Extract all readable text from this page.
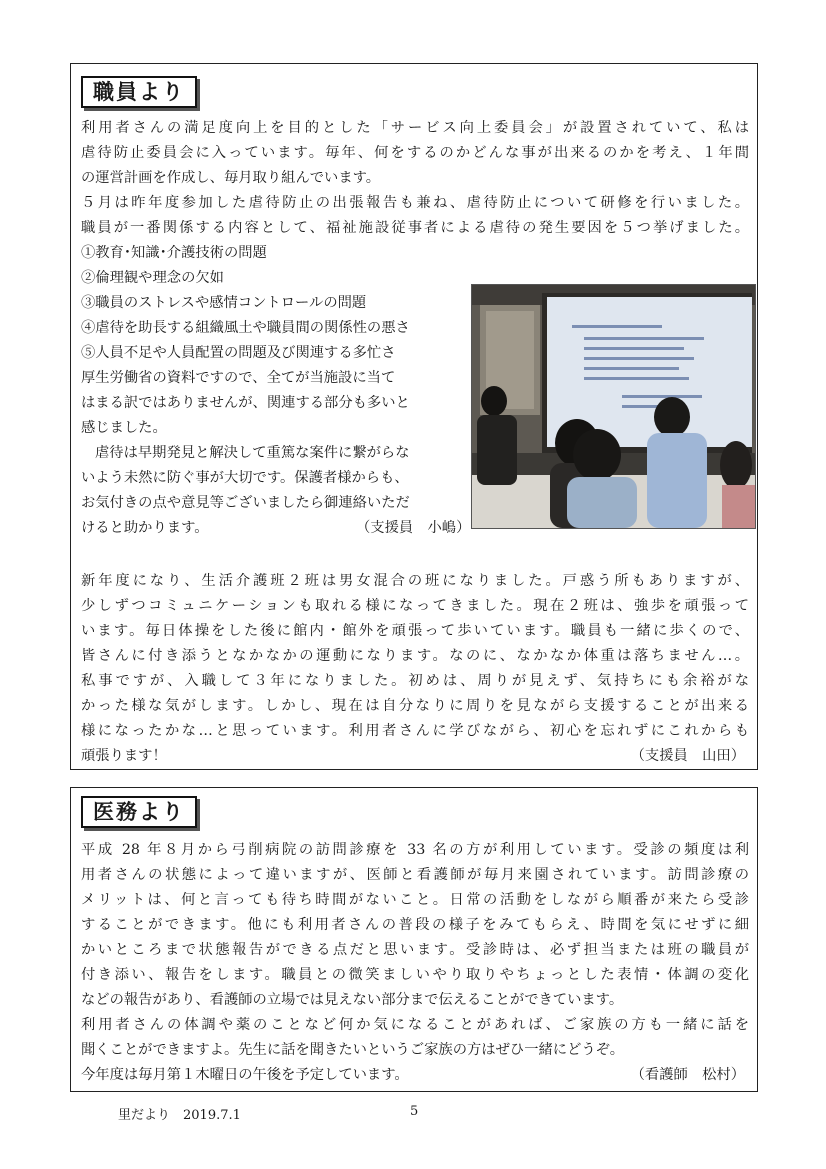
職員より
利用者さんの満足度向上を目的とした「サービス向上委員会」が設置されていて、私は
虐待防止委員会に入っています。毎年、何をするのかどんな事が出来るのかを考え、１年間
の運営計画を作成し、毎月取り組んでいます。
５月は昨年度参加した虐待防止の出張報告も兼ね、虐待防止について研修を行いました。
職員が一番関係する内容として、福祉施設従事者による虐待の発生要因を５つ挙げました。
①教育･知識･介護技術の問題
②倫理観や理念の欠如
③職員のストレスや感情コントロールの問題
④虐待を助長する組織風土や職員間の関係性の悪さ
⑤人員不足や人員配置の問題及び関連する多忙さ
厚生労働省の資料ですので、全てが当施設に当て
はまる訳ではありませんが、関連する部分も多いと
感じました。
虐待は早期発見と解決して重篤な案件に繋がらな
いよう未然に防ぐ事が大切です。保護者様からも、
お気付きの点や意見等ございましたら御連絡いただ
けると助かります。	（支援員　小嶋）
新年度になり、生活介護班２班は男女混合の班になりました。戸惑う所もありますが、
少しずつコミュニケーションも取れる様になってきました。現在２班は、強歩を頑張って
います。毎日体操をした後に館内・館外を頑張って歩いています。職員も一緒に歩くので、
皆さんに付き添うとなかなかの運動になります。なのに、なかなか体重は落ちません…。
私事ですが、入職して３年になりました。初めは、周りが見えず、気持ちにも余裕がな
かった様な気がします。しかし、現在は自分なりに周りを見ながら支援することが出来る
様になったかな…と思っています。利用者さんに学びながら、初心を忘れずにこれからも
頑張ります！	（支援員　山田）
医務より
平成 28 年８月から弓削病院の訪問診療を 33 名の方が利用しています。受診の頻度は利
用者さんの状態によって違いますが、医師と看護師が毎月来園されています。訪問診療の
メリットは、何と言っても待ち時間がないこと。日常の活動をしながら順番が来たら受診
することができます。他にも利用者さんの普段の様子をみてもらえ、時間を気にせずに細
かいところまで状態報告ができる点だと思います。受診時は、必ず担当または班の職員が
付き添い、報告をします。職員との微笑ましいやり取りやちょっとした表情・体調の変化
などの報告があり、看護師の立場では見えない部分まで伝えることができています。
利用者さんの体調や薬のことなど何か気になることがあれば、ご家族の方も一緒に話を
聞くことができますよ。先生に話を聞きたいというご家族の方はぜひ一緒にどうぞ。
今年度は毎月第１木曜日の午後を予定しています。	（看護師　松村）
里だより　2019.7.1	5
